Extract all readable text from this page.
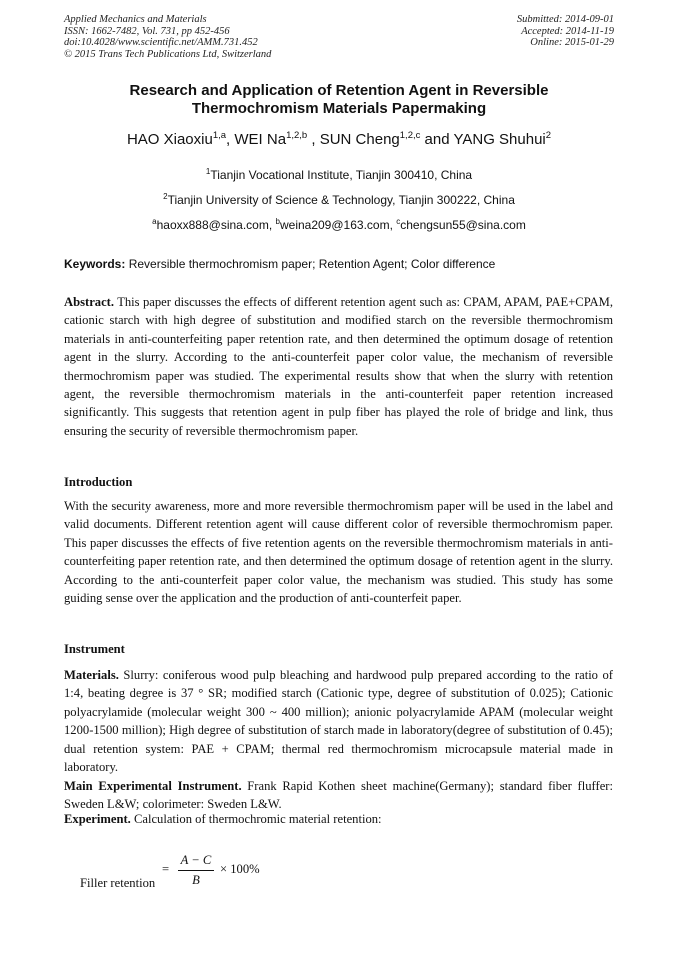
Applied Mechanics and Materials
ISSN: 1662-7482, Vol. 731, pp 452-456
doi:10.4028/www.scientific.net/AMM.731.452
© 2015 Trans Tech Publications Ltd, Switzerland
Submitted: 2014-09-01
Accepted: 2014-11-19
Online: 2015-01-29
Research and Application of Retention Agent in Reversible
Thermochromism Materials Papermaking
HAO Xiaoxiu$^{1,a}$, WEI Na$^{1,2,b}$ , SUN Cheng$^{1,2,c}$ and YANG Shuhui$^2$
$^1$Tianjin Vocational Institute, Tianjin 300410, China
$^2$Tianjin University of Science & Technology, Tianjin 300222, China
$^a$haoxx888@sina.com, $^b$weina209@163.com, $^c$chengsun55@sina.com
Keywords: Reversible thermochromism paper; Retention Agent; Color difference
Abstract. This paper discusses the effects of different retention agent such as: CPAM, APAM, PAE+CPAM, cationic starch with high degree of substitution and modified starch on the reversible thermochromism materials in anti-counterfeiting paper retention rate, and then determined the optimum dosage of retention agent in the slurry. According to the anti-counterfeit paper color value, the mechanism of reversible thermochromism paper was studied. The experimental results show that when the slurry with retention agent, the reversible thermochromism materials in the anti-counterfeit paper retention increased significantly. This suggests that retention agent in pulp fiber has played the role of bridge and link, thus ensuring the security of reversible thermochromism paper.
Introduction
With the security awareness, more and more reversible thermochromism paper will be used in the label and valid documents. Different retention agent will cause different color of reversible thermochromism paper. This paper discusses the effects of five retention agents on the reversible thermochromism materials in anti-counterfeiting paper retention rate, and then determined the optimum dosage of retention agent in the slurry. According to the anti-counterfeit paper color value, the mechanism was studied. This study has some guiding sense over the application and the production of anti-counterfeit paper.
Instrument
Materials. Slurry: coniferous wood pulp bleaching and hardwood pulp prepared according to the ratio of 1:4, beating degree is 37 ° SR; modified starch (Cationic type, degree of substitution of 0.025); Cationic polyacrylamide (molecular weight 300 ~ 400 million); anionic polyacrylamide APAM (molecular weight 1200-1500 million); High degree of substitution of starch made in laboratory(degree of substitution of 0.45); dual retention system: PAE + CPAM; thermal red thermochromism microcapsule material made in laboratory.
Main Experimental Instrument. Frank Rapid Kothen sheet machine(Germany); standard fiber fluffer: Sweden L&W; colorimeter: Sweden L&W.
Experiment. Calculation of thermochromic material retention:
Filler retention
=
A − C
B
× 100%
